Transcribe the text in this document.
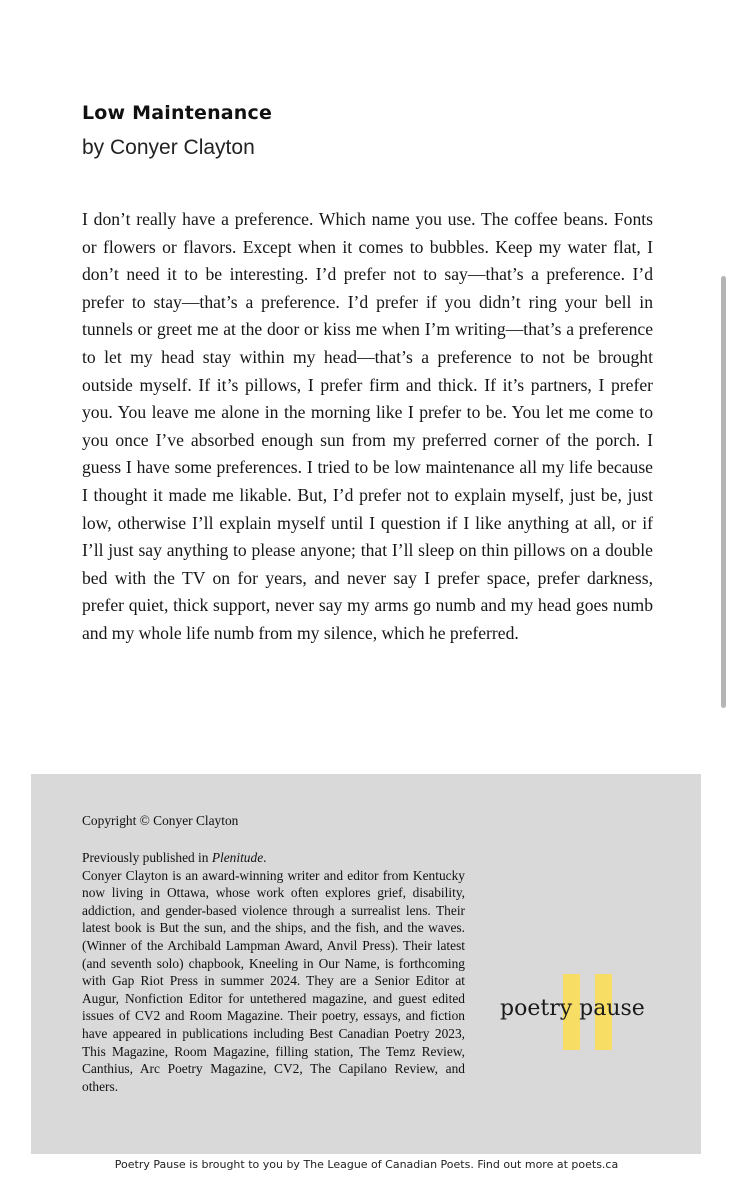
Low Maintenance
by Conyer Clayton
I don’t really have a preference. Which name you use. The coffee beans. Fonts or flowers or flavors. Except when it comes to bubbles. Keep my water flat, I don’t need it to be interesting. I’d prefer not to say—that’s a preference. I’d prefer to stay—that’s a preference. I’d prefer if you didn’t ring your bell in tunnels or greet me at the door or kiss me when I’m writing—that’s a preference to let my head stay within my head—that’s a preference to not be brought outside myself. If it’s pillows, I prefer firm and thick. If it’s partners, I prefer you. You leave me alone in the morning like I prefer to be. You let me come to you once I’ve absorbed enough sun from my preferred corner of the porch. I guess I have some preferences. I tried to be low maintenance all my life because I thought it made me likable. But, I’d prefer not to explain myself, just be, just low, otherwise I’ll explain myself until I question if I like anything at all, or if I’ll just say anything to please anyone; that I’ll sleep on thin pillows on a double bed with the TV on for years, and never say I prefer space, prefer darkness, prefer quiet, thick support, never say my arms go numb and my head goes numb and my whole life numb from my silence, which he preferred.
Copyright © Conyer Clayton
Previously published in Plenitude.
Conyer Clayton is an award-winning writer and editor from Kentucky now living in Ottawa, whose work often explores grief, disability, addiction, and gender-based violence through a surrealist lens. Their latest book is But the sun, and the ships, and the fish, and the waves. (Winner of the Archibald Lampman Award, Anvil Press). Their latest (and seventh solo) chapbook, Kneeling in Our Name, is forthcoming with Gap Riot Press in summer 2024. They are a Senior Editor at Augur, Nonfiction Editor for untethered magazine, and guest edited issues of CV2 and Room Magazine. Their poetry, essays, and fiction have appeared in publications including Best Canadian Poetry 2023, This Magazine, Room Magazine, filling station, The Temz Review, Canthius, Arc Poetry Magazine, CV2, The Capilano Review, and others.
poetry pause
Poetry Pause is brought to you by The League of Canadian Poets. Find out more at poets.ca
